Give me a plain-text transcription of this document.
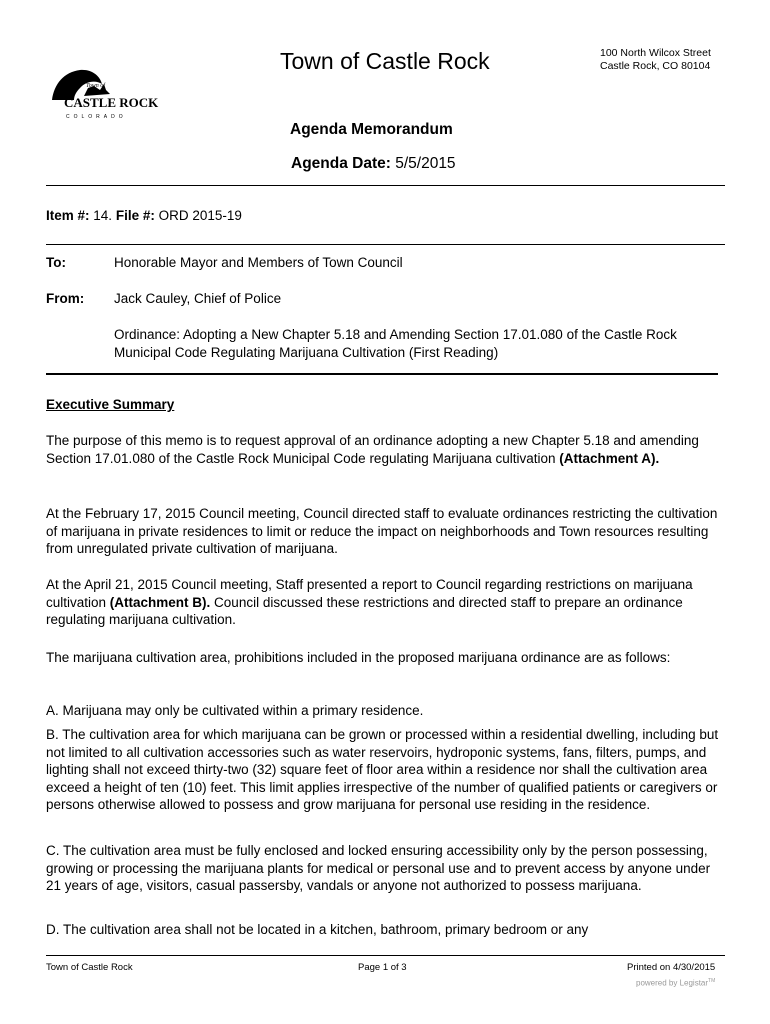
Town of Castle Rock	100 North Wilcox Street
Castle Rock, CO 80104
Town of
CASTLE ROCK
COLORADO
Agenda Memorandum
Agenda Date: 5/5/2015
Item #: 14. File #: ORD 2015-19
To:	Honorable Mayor and Members of Town Council
From: Jack Cauley, Chief of Police
Ordinance: Adopting a New Chapter 5.18 and Amending Section 17.01.080 of the Castle Rock Municipal Code Regulating Marijuana Cultivation (First Reading)
Executive Summary
The purpose of this memo is to request approval of an ordinance adopting a new Chapter 5.18 and amending Section 17.01.080 of the Castle Rock Municipal Code regulating Marijuana cultivation (Attachment A).
At the February 17, 2015 Council meeting, Council directed staff to evaluate ordinances restricting the cultivation of marijuana in private residences to limit or reduce the impact on neighborhoods and Town resources resulting from unregulated private cultivation of marijuana.
At the April 21, 2015 Council meeting, Staff presented a report to Council regarding restrictions on marijuana cultivation (Attachment B). Council discussed these restrictions and directed staff to prepare an ordinance regulating marijuana cultivation.
The marijuana cultivation area, prohibitions included in the proposed marijuana ordinance are as follows:
A. Marijuana may only be cultivated within a primary residence.
B. The cultivation area for which marijuana can be grown or processed within a residential dwelling, including but not limited to all cultivation accessories such as water reservoirs, hydroponic systems, fans, filters, pumps, and lighting shall not exceed thirty-two (32) square feet of floor area within a residence nor shall the cultivation area exceed a height of ten (10) feet. This limit applies irrespective of the number of qualified patients or caregivers or persons otherwise allowed to possess and grow marijuana for personal use residing in the residence.
C. The cultivation area must be fully enclosed and locked ensuring accessibility only by the person possessing, growing or processing the marijuana plants for medical or personal use and to prevent access by anyone under 21 years of age, visitors, casual passersby, vandals or anyone not authorized to possess marijuana.
D. The cultivation area shall not be located in a kitchen, bathroom, primary bedroom or any
Town of Castle Rock	Page 1 of 3	Printed on 4/30/2015
powered by Legistar™
